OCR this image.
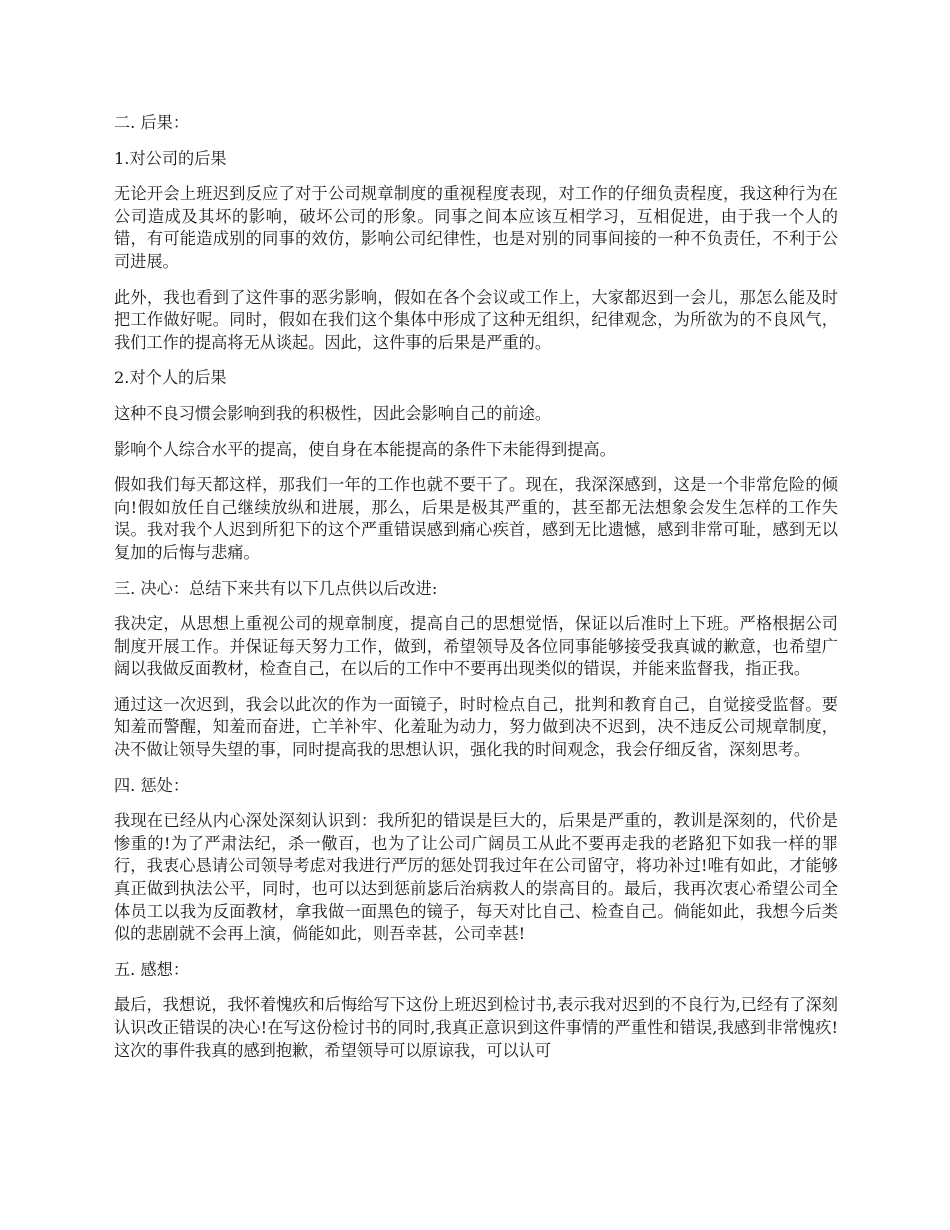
二. 后果：
1.对公司的后果

无论开会上班迟到反应了对于公司规章制度的重视程度表现，对工作的仔细负责程度，我这种行为在公司造成及其坏的影响，破坏公司的形象。同事之间本应该互相学习，互相促进，由于我一个人的错，有可能造成别的同事的效仿，影响公司纪律性，也是对别的同事间接的一种不负责任，不利于公司进展。

此外，我也看到了这件事的恶劣影响，假如在各个会议或工作上，大家都迟到一会儿，那怎么能及时把工作做好呢。同时，假如在我们这个集体中形成了这种无组织，纪律观念，为所欲为的不良风气，我们工作的提高将无从谈起。因此，这件事的后果是严重的。

2.对个人的后果

这种不良习惯会影响到我的积极性，因此会影响自己的前途。

影响个人综合水平的提高，使自身在本能提高的条件下未能得到提高。

假如我们每天都这样，那我们一年的工作也就不要干了。现在，我深深感到，这是一个非常危险的倾向!假如放任自己继续放纵和进展，那么，后果是极其严重的，甚至都无法想象会发生怎样的工作失误。我对我个人迟到所犯下的这个严重错误感到痛心疾首，感到无比遗憾，感到非常可耻，感到无以复加的后悔与悲痛。

三. 决心：总结下来共有以下几点供以后改进:

我决定，从思想上重视公司的规章制度，提高自己的思想觉悟，保证以后准时上下班。严格根据公司制度开展工作。并保证每天努力工作，做到，希望领导及各位同事能够接受我真诚的歉意，也希望广阔以我做反面教材，检查自己，在以后的工作中不要再出现类似的错误，并能来监督我，指正我。

通过这一次迟到，我会以此次的作为一面镜子，时时检点自己，批判和教育自己，自觉接受监督。要知羞而警醒，知羞而奋进，亡羊补牢、化羞耻为动力，努力做到决不迟到，决不违反公司规章制度，决不做让领导失望的事，同时提高我的思想认识，强化我的时间观念，我会仔细反省，深刻思考。

四. 惩处：

我现在已经从内心深处深刻认识到：我所犯的错误是巨大的，后果是严重的，教训是深刻的，代价是惨重的!为了严肃法纪，杀一儆百，也为了让公司广阔员工从此不要再走我的老路犯下如我一样的罪行，我衷心恳请公司领导考虑对我进行严厉的惩处罚我过年在公司留守，将功补过!唯有如此，才能够真正做到执法公平，同时，也可以达到惩前毖后治病救人的崇高目的。最后，我再次衷心希望公司全体员工以我为反面教材，拿我做一面黑色的镜子，每天对比自己、检查自己。倘能如此，我想今后类似的悲剧就不会再上演，倘能如此，则吾幸甚，公司幸甚!

五. 感想：

最后，我想说，我怀着愧疚和后悔给写下这份上班迟到检讨书,表示我对迟到的不良行为,已经有了深刻认识改正错误的决心!在写这份检讨书的同时,我真正意识到这件事情的严重性和错误,我感到非常愧疚!这次的事件我真的感到抱歉，希望领导可以原谅我，可以认可
